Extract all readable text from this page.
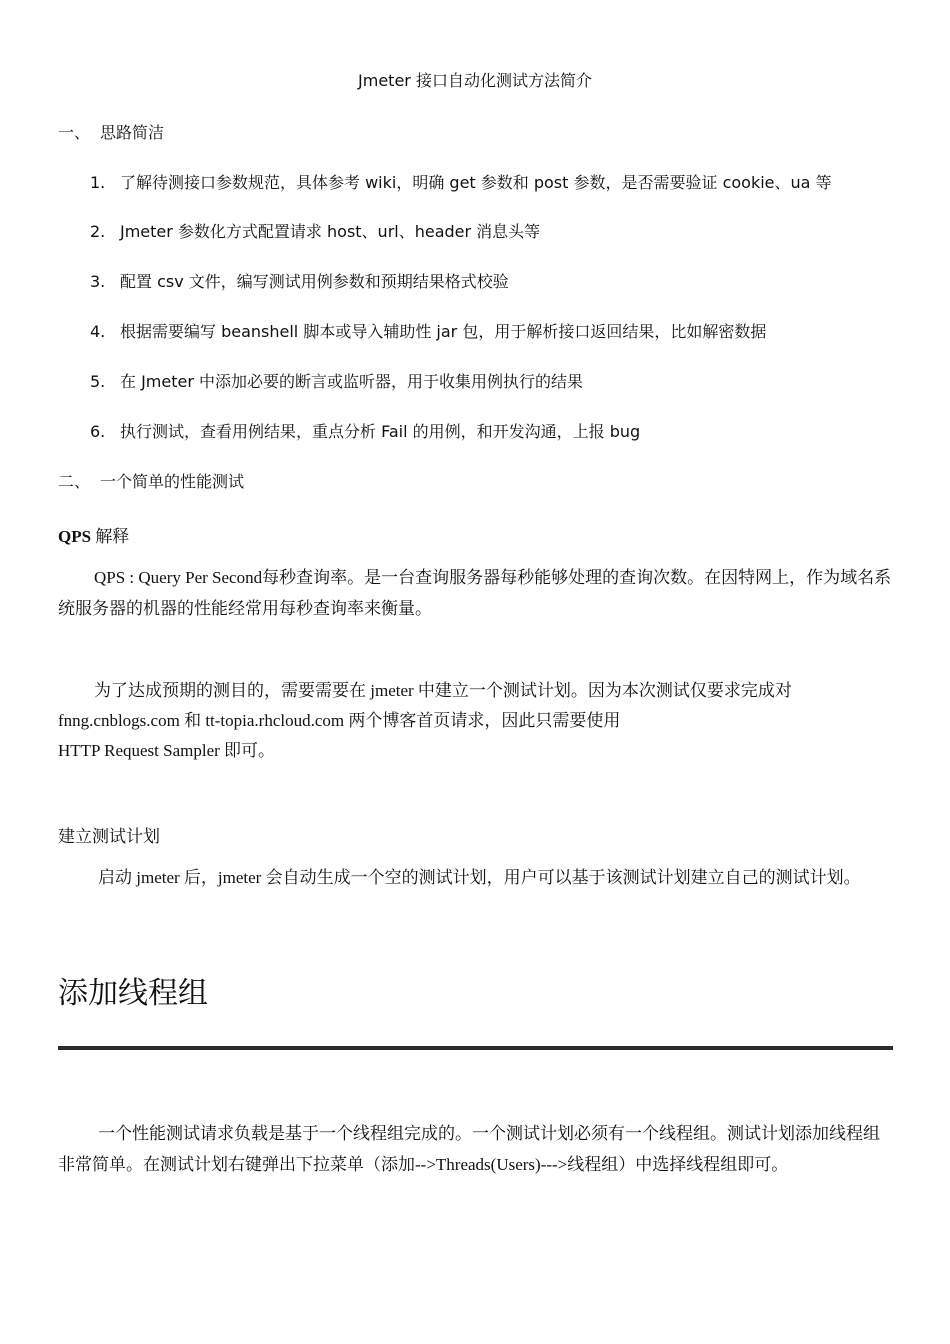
Jmeter 接口自动化测试方法简介
一、 思路简洁
1. 了解待测接口参数规范，具体参考 wiki，明确 get 参数和 post 参数，是否需要验证 cookie、ua 等
2. Jmeter 参数化方式配置请求 host、url、header 消息头等
3. 配置 csv 文件，编写测试用例参数和预期结果格式校验
4. 根据需要编写 beanshell 脚本或导入辅助性 jar 包，用于解析接口返回结果，比如解密数据
5. 在 Jmeter 中添加必要的断言或监听器，用于收集用例执行的结果
6. 执行测试，查看用例结果，重点分析 Fail 的用例，和开发沟通，上报 bug
二、 一个简单的性能测试
QPS 解释
QPS : Query Per Second每秒查询率。是一台查询服务器每秒能够处理的查询次数。在因特网上，作为域名系统服务器的机器的性能经常用每秒查询率来衡量。
为了达成预期的测目的，需要需要在 jmeter 中建立一个测试计划。因为本次测试仅要求完成对
fnng.cnblogs.com 和 tt-topia.rhcloud.com 两个博客首页请求，因此只需要使用
HTTP Request Sampler 即可。
建立测试计划
启动 jmeter 后，jmeter 会自动生成一个空的测试计划，用户可以基于该测试计划建立自己的测试计划。
添加线程组
一个性能测试请求负载是基于一个线程组完成的。一个测试计划必须有一个线程组。测试计划添加线程组非常简单。在测试计划右键弹出下拉菜单（添加-->Threads(Users)--->线程组）中选择线程组即可。
